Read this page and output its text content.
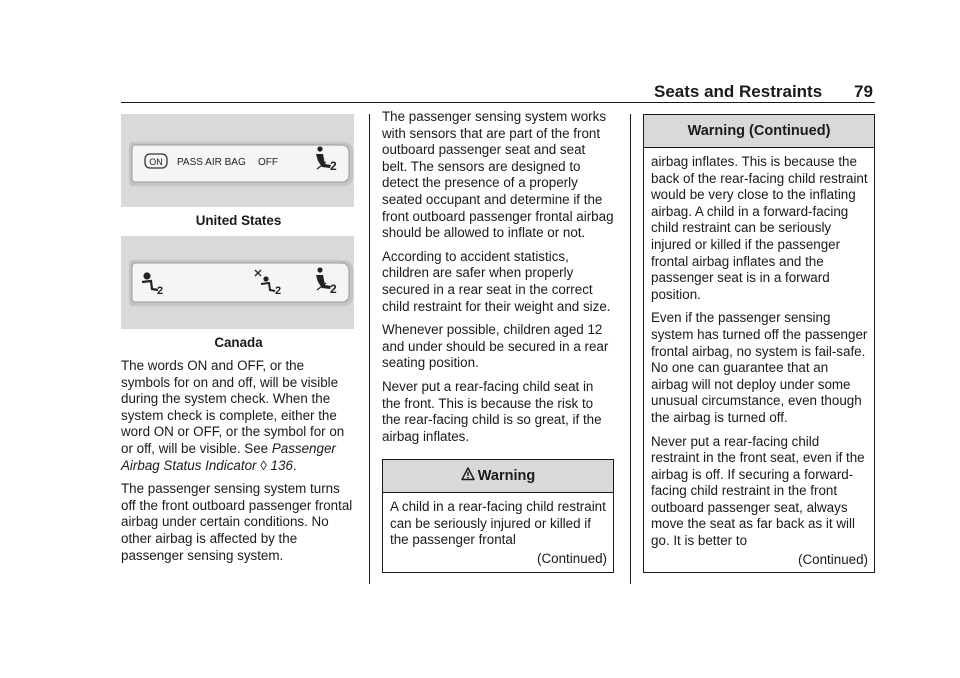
Seats and Restraints 79
ON PASS AIR BAG OFF	2
United States
2	2	2
Canada

The words ON and OFF, or the symbols for on and off, will be visible during the system check. When the system check is complete, either the word ON or OFF, or the symbol for on or off, will be visible. See Passenger Airbag Status Indicator ◊ 136.

The passenger sensing system turns off the front outboard passenger frontal airbag under certain conditions. No other airbag is affected by the passenger sensing system.

The passenger sensing system works with sensors that are part of the front outboard passenger seat and seat belt. The sensors are designed to detect the presence of a properly seated occupant and determine if the front outboard passenger frontal airbag should be allowed to inflate or not.

According to accident statistics, children are safer when properly secured in a rear seat in the correct child restraint for their weight and size.

Whenever possible, children aged 12 and under should be secured in a rear seating position.

Never put a rear-facing child seat in the front. This is because the risk to the rear-facing child is so great, if the airbag inflates.

Warning

A child in a rear-facing child restraint can be seriously injured or killed if the passenger frontal

(Continued)
Warning (Continued)

airbag inflates. This is because the back of the rear-facing child restraint would be very close to the inflating airbag. A child in a forward-facing child restraint can be seriously injured or killed if the passenger frontal airbag inflates and the passenger seat is in a forward position.

Even if the passenger sensing system has turned off the passenger frontal airbag, no system is fail-safe. No one can guarantee that an airbag will not deploy under some unusual circumstance, even though the airbag is turned off.

Never put a rear-facing child restraint in the front seat, even if the airbag is off. If securing a forward-facing child restraint in the front outboard passenger seat, always move the seat as far back as it will go. It is better to

(Continued)
